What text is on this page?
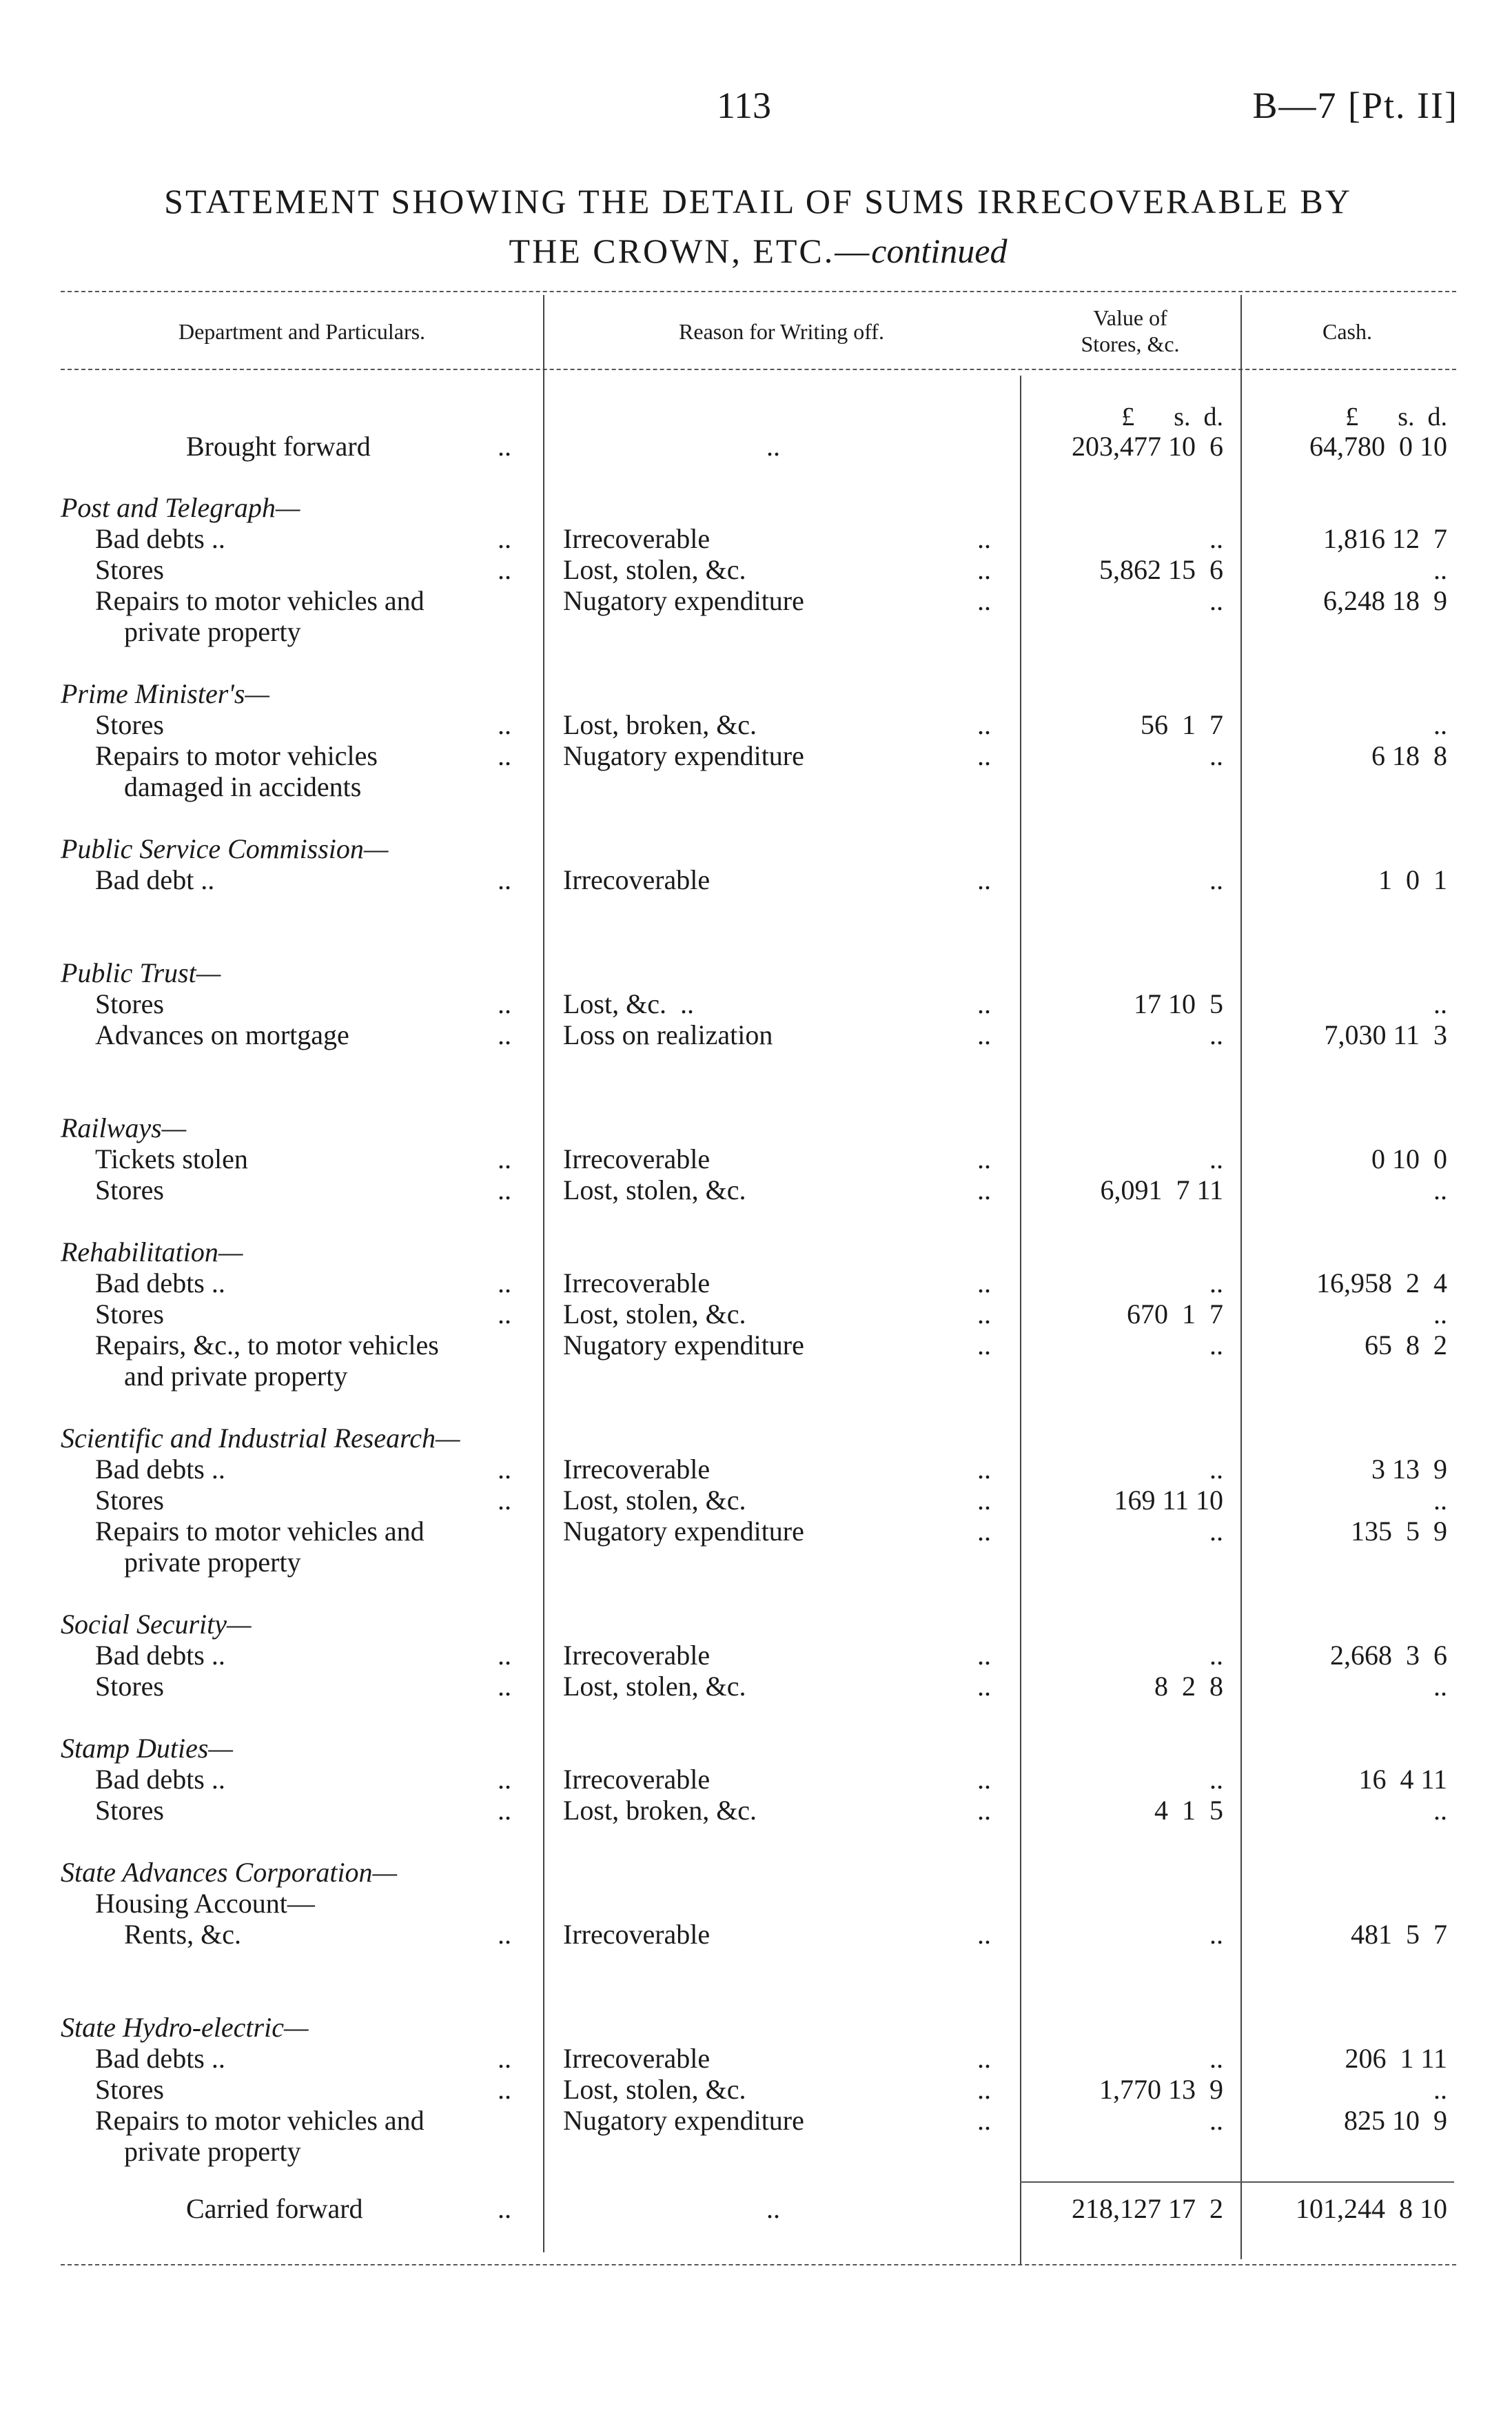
113	B—7 [Pt. II]
STATEMENT SHOWING THE DETAIL OF SUMS IRRECOVERABLE BY
THE CROWN, ETC.—continued
Department and Particulars.	Reason for Writing off.
Value of
Stores, &c.	Cash.
£      s.  d.	£      s.  d.
Brought forward	..	..	203,477 10  6	64,780  0 10
Post and Telegraph—
Bad debts ..	.. Irrecoverable	..	..	1,816 12  7
Stores	.. Lost, stolen, &c.	..	5,862 15  6	..
Repairs to motor vehicles and	Nugatory expenditure	..	..	6,248 18  9
private property
Prime Minister's—
Stores	.. Lost, broken, &c.	..	56  1  7	..
Repairs to motor vehicles	.. Nugatory expenditure	..	..	6 18  8
damaged in accidents
Public Service Commission—
Bad debt ..	.. Irrecoverable	..	..	1  0  1
Public Trust—
Stores	.. Lost, &c.  ..	..	17 10  5	..
Advances on mortgage	.. Loss on realization	..	..	7,030 11  3
Railways—
Tickets stolen	.. Irrecoverable	..	..	0 10  0
Stores	.. Lost, stolen, &c.	..	6,091  7 11	..
Rehabilitation—
Bad debts ..	.. Irrecoverable	..	..	16,958  2  4
Stores	.. Lost, stolen, &c.	..	670  1  7	..
Repairs, &c., to motor vehicles	Nugatory expenditure	..	..	65  8  2
and private property
Scientific and Industrial Research—
Bad debts ..	.. Irrecoverable	..	..	3 13  9
Stores	.. Lost, stolen, &c.	..	169 11 10	..
Repairs to motor vehicles and	Nugatory expenditure	..	..	135  5  9
private property
Social Security—
Bad debts ..	.. Irrecoverable	..	..	2,668  3  6
Stores	.. Lost, stolen, &c.	..	8  2  8	..
Stamp Duties—
Bad debts ..	.. Irrecoverable	..	..	16  4 11
Stores	.. Lost, broken, &c.	..	4  1  5	..
State Advances Corporation—
Housing Account—
Rents, &c.	.. Irrecoverable	..	..	481  5  7
State Hydro-electric—
Bad debts ..	.. Irrecoverable	..	..	206  1 11
Stores	.. Lost, stolen, &c.	..	1,770 13  9	..
Repairs to motor vehicles and	Nugatory expenditure	..	..	825 10  9
private property
Carried forward	..	..	218,127 17  2	101,244  8 10
